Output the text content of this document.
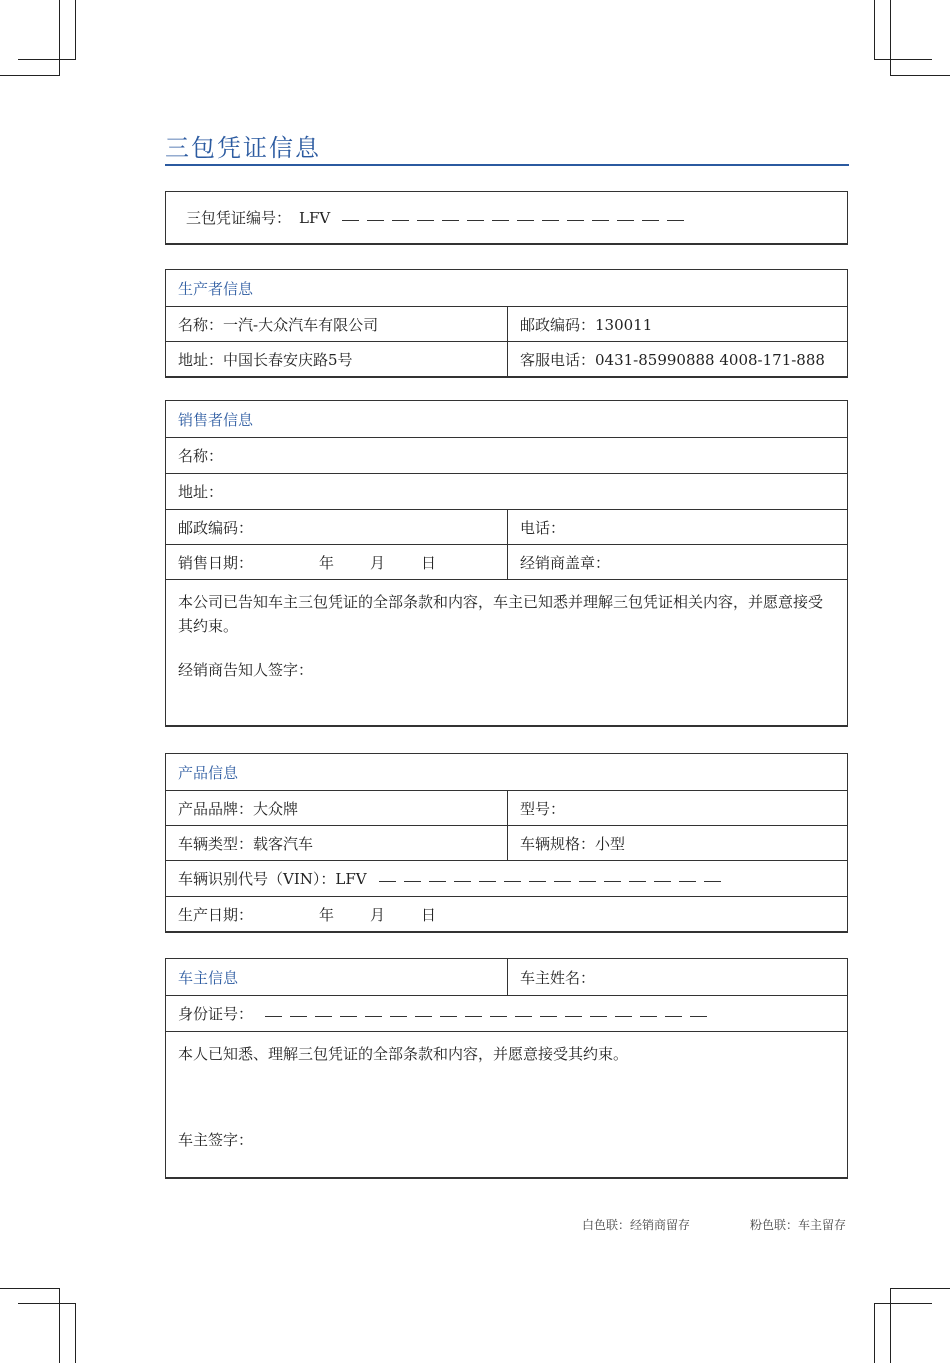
三包凭证信息
三包凭证编号： LFV
生产者信息
名称：一汽-大众汽车有限公司	邮政编码：130011
地址：中国长春安庆路5号	客服电话：0431-85990888 4008-171-888
销售者信息
名称：
地址：
邮政编码：	电话：
销售日期：	年 月 日	经销商盖章：
本公司已告知车主三包凭证的全部条款和内容，车主已知悉并理解三包凭证相关内容，并愿意接受其约束。
经销商告知人签字：
产品信息
产品品牌：大众牌	型号：
车辆类型：载客汽车	车辆规格：小型
车辆识别代号（VIN）：LFV
生产日期：	年 月 日
车主信息	车主姓名：
身份证号：
本人已知悉、理解三包凭证的全部条款和内容，并愿意接受其约束。
车主签字：
白色联：经销商留存	粉色联：车主留存
